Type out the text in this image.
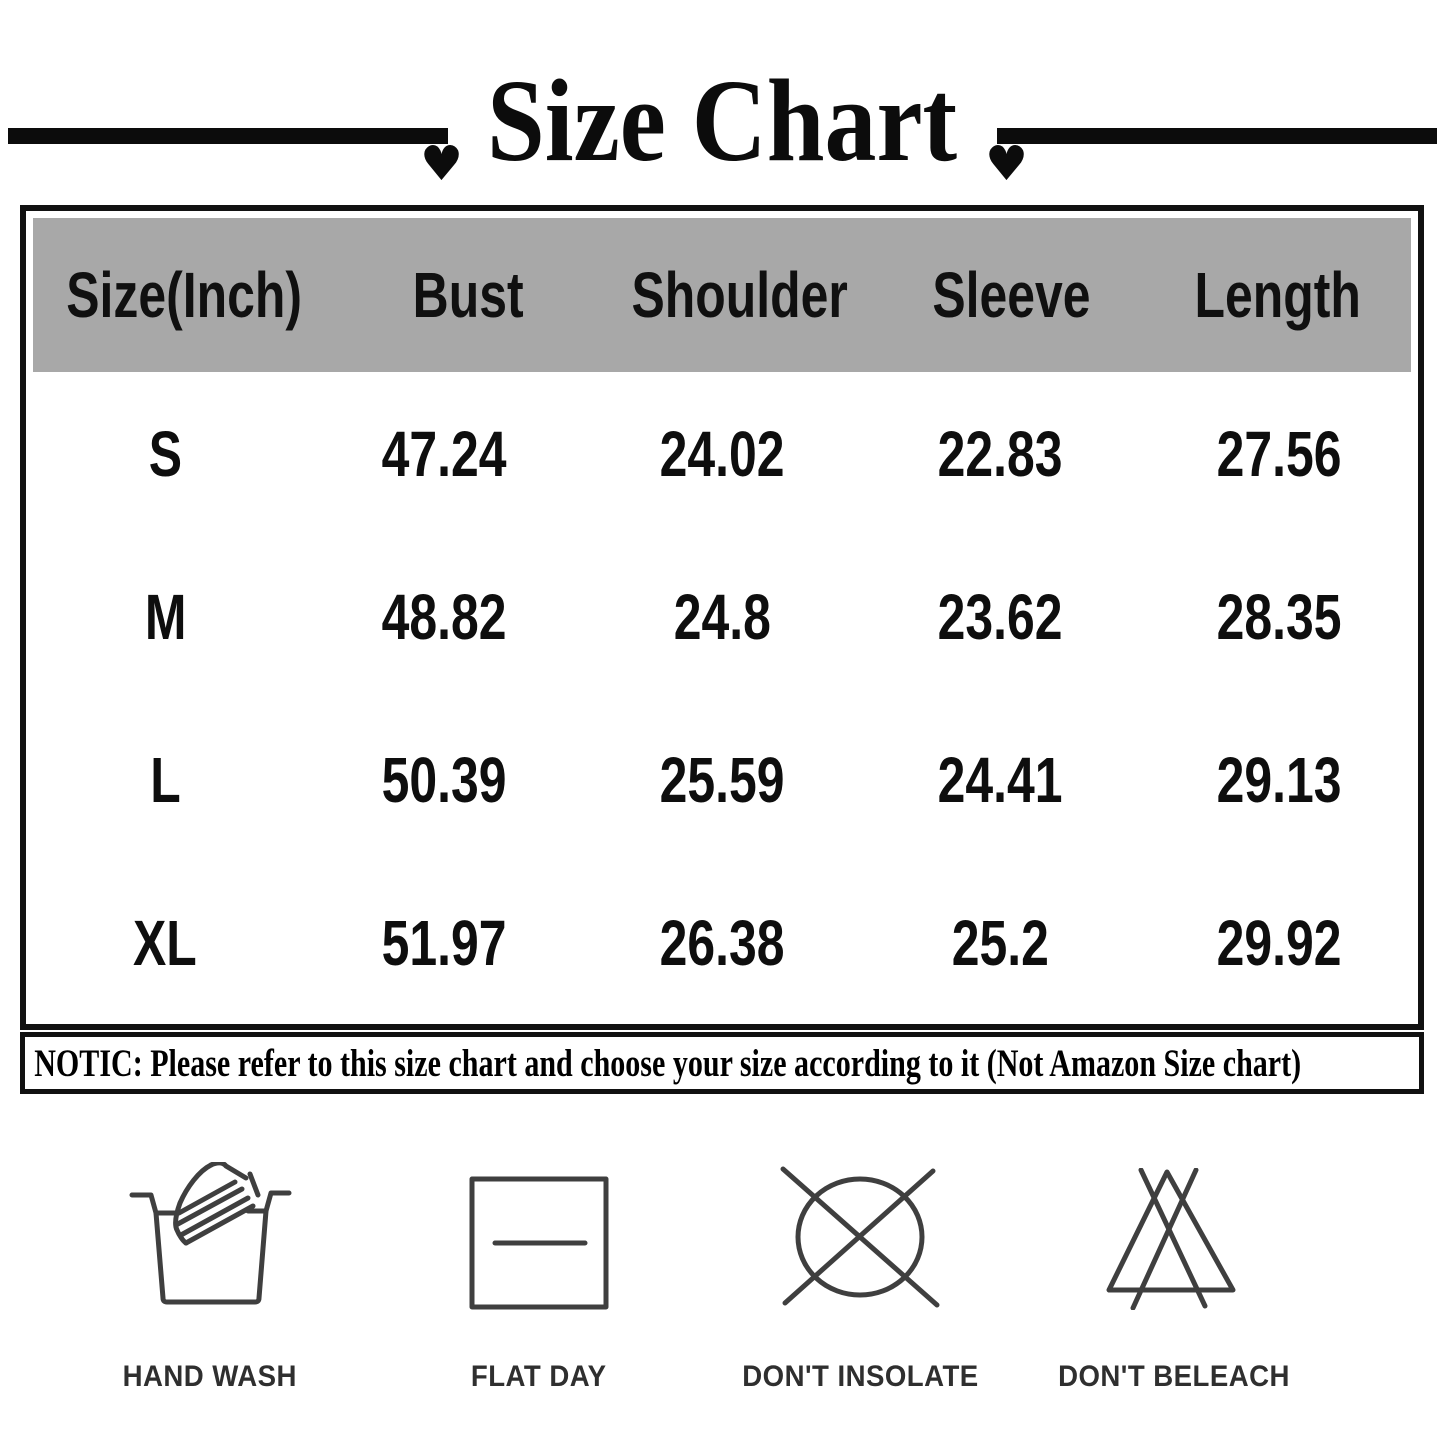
♥	♥
Size Chart
Size(Inch)	Bust	Shoulder	Sleeve	Length
S	47.24	24.02	22.83	27.56
M	48.82	24.8	23.62	28.35
L	50.39	25.59	24.41	29.13
XL	51.97	26.38	25.2	29.92
NOTIC: Please refer to this size chart and choose your size according to it (Not Amazon Size chart)
HAND WASH	FLAT DAY	DON'T INSOLATE	DON'T BELEACH
